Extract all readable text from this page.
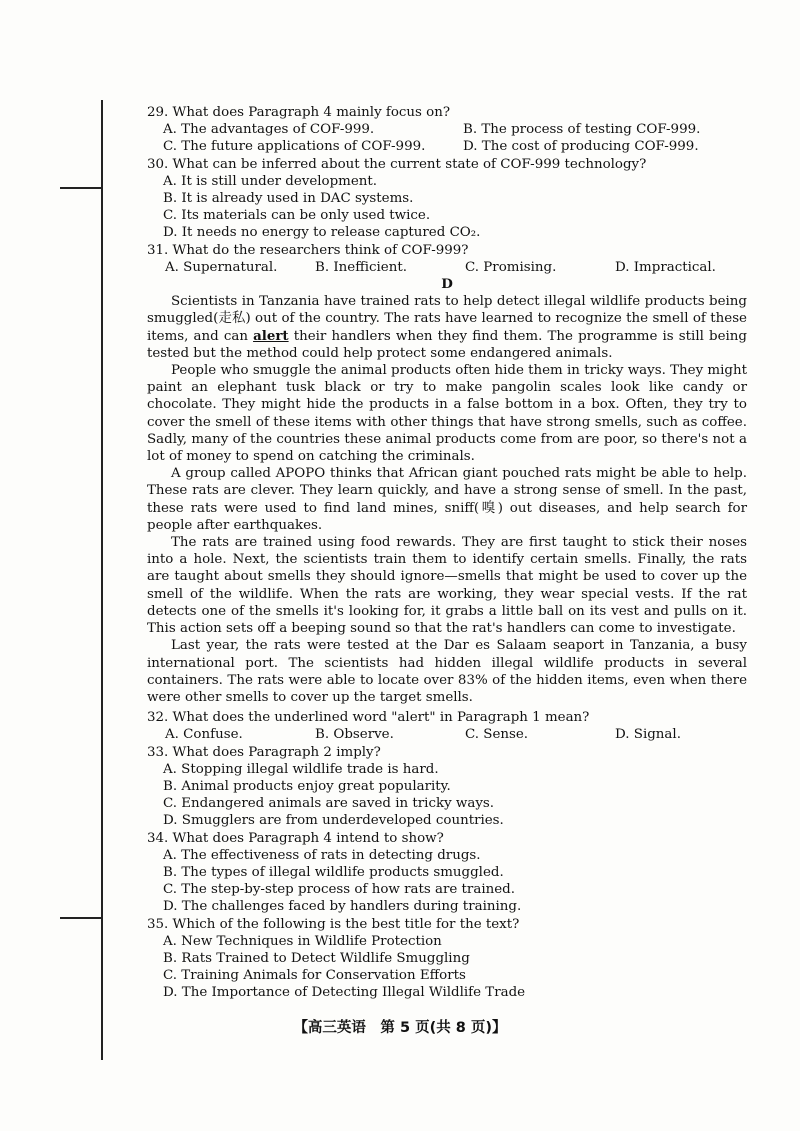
29. What does Paragraph 4 mainly focus on?
A. The advantages of COF-999.	B. The process of testing COF-999.
C. The future applications of COF-999.	D. The cost of producing COF-999.
30. What can be inferred about the current state of COF-999 technology?
A. It is still under development.
B. It is already used in DAC systems.
C. Its materials can be only used twice.
D. It needs no energy to release captured CO₂.
31. What do the researchers think of COF-999?
A. Supernatural.	B. Inefficient.	C. Promising.	D. Impractical.
D

Scientists in Tanzania have trained rats to help detect illegal wildlife products being smuggled(走私) out of the country. The rats have learned to recognize the smell of these items, and can alert their handlers when they find them. The programme is still being tested but the method could help protect some endangered animals.

People who smuggle the animal products often hide them in tricky ways. They might paint an elephant tusk black or try to make pangolin scales look like candy or chocolate. They might hide the products in a false bottom in a box. Often, they try to cover the smell of these items with other things that have strong smells, such as coffee. Sadly, many of the countries these animal products come from are poor, so there's not a lot of money to spend on catching the criminals.

A group called APOPO thinks that African giant pouched rats might be able to help. These rats are clever. They learn quickly, and have a strong sense of smell. In the past, these rats were used to find land mines, sniff(嗅) out diseases, and help search for people after earthquakes.

The rats are trained using food rewards. They are first taught to stick their noses into a hole. Next, the scientists train them to identify certain smells. Finally, the rats are taught about smells they should ignore—smells that might be used to cover up the smell of the wildlife. When the rats are working, they wear special vests. If the rat detects one of the smells it's looking for, it grabs a little ball on its vest and pulls on it. This action sets off a beeping sound so that the rat's handlers can come to investigate.

Last year, the rats were tested at the Dar es Salaam seaport in Tanzania, a busy international port. The scientists had hidden illegal wildlife products in several containers. The rats were able to locate over 83% of the hidden items, even when there were other smells to cover up the target smells.

32. What does the underlined word "alert" in Paragraph 1 mean?
A. Confuse.	B. Observe.	C. Sense.	D. Signal.
33. What does Paragraph 2 imply?
A. Stopping illegal wildlife trade is hard.
B. Animal products enjoy great popularity.
C. Endangered animals are saved in tricky ways.
D. Smugglers are from underdeveloped countries.
34. What does Paragraph 4 intend to show?
A. The effectiveness of rats in detecting drugs.
B. The types of illegal wildlife products smuggled.
C. The step-by-step process of how rats are trained.
D. The challenges faced by handlers during training.
35. Which of the following is the best title for the text?
A. New Techniques in Wildlife Protection
B. Rats Trained to Detect Wildlife Smuggling
C. Training Animals for Conservation Efforts
D. The Importance of Detecting Illegal Wildlife Trade
【高三英语　第 5 页(共 8 页)】
